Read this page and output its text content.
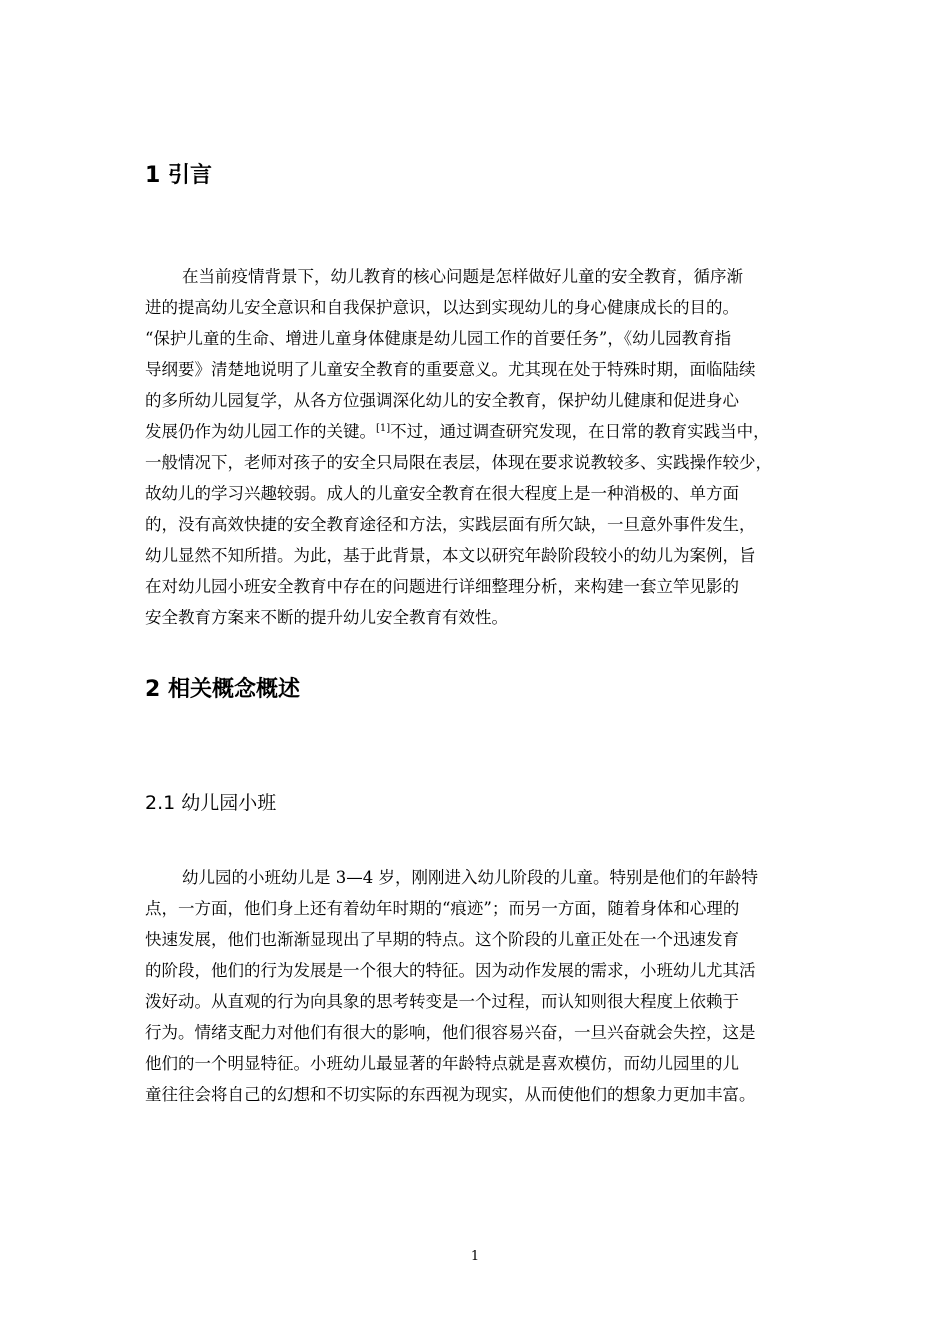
1 引言
在当前疫情背景下，幼儿教育的核心问题是怎样做好儿童的安全教育，循序渐
进的提高幼儿安全意识和自我保护意识，以达到实现幼儿的身心健康成长的目的。
“保护儿童的生命、增进儿童身体健康是幼儿园工作的首要任务”，《幼儿园教育指
导纲要》清楚地说明了儿童安全教育的重要意义。尤其现在处于特殊时期，面临陆续
的多所幼儿园复学，从各方位强调深化幼儿的安全教育，保护幼儿健康和促进身心
发展仍作为幼儿园工作的关键。[1]不过，通过调查研究发现，在日常的教育实践当中，
一般情况下，老师对孩子的安全只局限在表层，体现在要求说教较多、实践操作较少，
故幼儿的学习兴趣较弱。成人的儿童安全教育在很大程度上是一种消极的、单方面
的，没有高效快捷的安全教育途径和方法，实践层面有所欠缺，一旦意外事件发生，
幼儿显然不知所措。为此，基于此背景，本文以研究年龄阶段较小的幼儿为案例，旨
在对幼儿园小班安全教育中存在的问题进行详细整理分析，来构建一套立竿见影的
安全教育方案来不断的提升幼儿安全教育有效性。
2 相关概念概述
2.1 幼儿园小班
幼儿园的小班幼儿是 3—4 岁，刚刚进入幼儿阶段的儿童。特别是他们的年龄特
点，一方面，他们身上还有着幼年时期的“痕迹”；而另一方面，随着身体和心理的
快速发展，他们也渐渐显现出了早期的特点。这个阶段的儿童正处在一个迅速发育
的阶段，他们的行为发展是一个很大的特征。因为动作发展的需求，小班幼儿尤其活
泼好动。从直观的行为向具象的思考转变是一个过程，而认知则很大程度上依赖于
行为。情绪支配力对他们有很大的影响，他们很容易兴奋，一旦兴奋就会失控，这是
他们的一个明显特征。小班幼儿最显著的年龄特点就是喜欢模仿，而幼儿园里的儿
童往往会将自己的幻想和不切实际的东西视为现实，从而使他们的想象力更加丰富。
1
